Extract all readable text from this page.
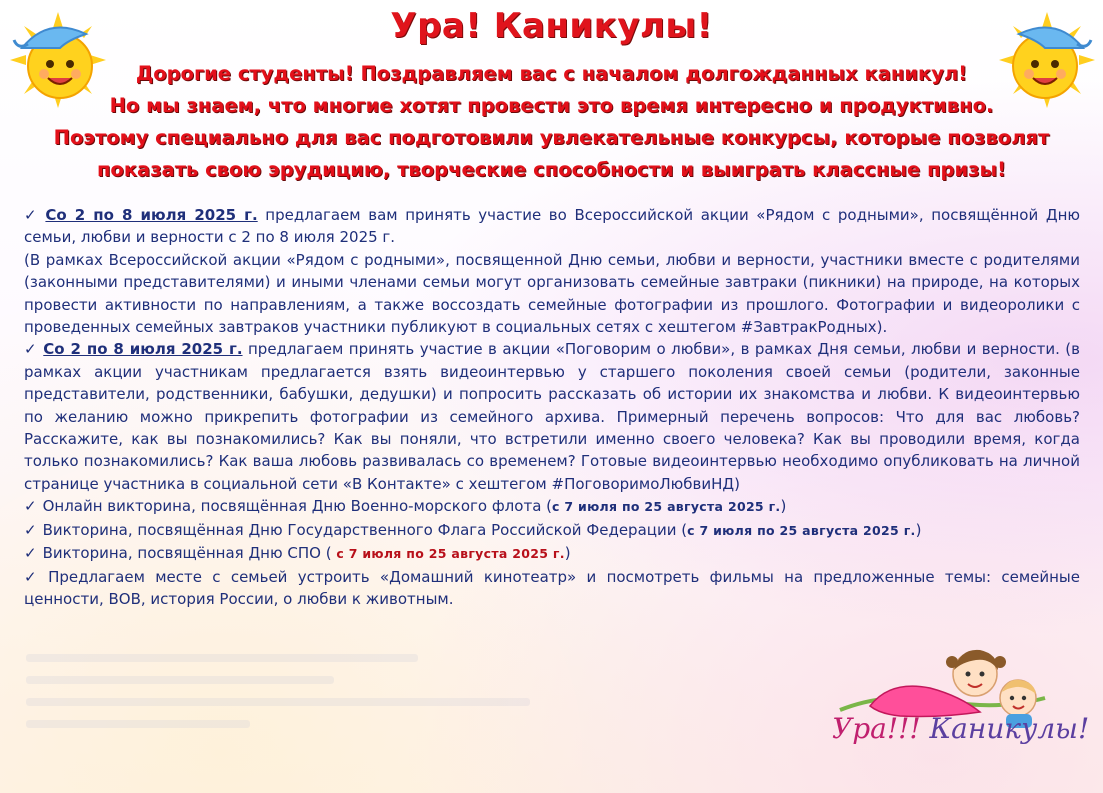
Ура! Каникулы!
Дорогие студенты! Поздравляем вас с началом долгожданных каникул!
Но мы знаем, что многие хотят провести это время интересно и продуктивно.
Поэтому специально для вас подготовили увлекательные конкурсы, которые позволят
показать свою эрудицию, творческие способности и выиграть классные призы!

✓ Со 2 по 8 июля 2025 г. предлагаем вам принять участие во Всероссийской акции «Рядом с родными», посвящённой Дню семьи, любви и верности с 2 по 8 июля 2025 г.

(В рамках Всероссийской акции «Рядом с родными», посвященной Дню семьи, любви и верности, участники вместе с родителями (законными представителями) и иными членами семьи могут организовать семейные завтраки (пикники) на природе, на которых провести активности по направлениям, а также воссоздать семейные фотографии из прошлого. Фотографии и видеоролики с проведенных семейных завтраков участники публикуют в социальных сетях с хештегом #ЗавтракРодных).

✓ Со 2 по 8 июля 2025 г. предлагаем принять участие в акции «Поговорим о любви», в рамках Дня семьи, любви и верности. (в рамках акции участникам предлагается взять видеоинтервью у старшего поколения своей семьи (родители, законные представители, родственники, бабушки, дедушки) и попросить рассказать об истории их знакомства и любви. К видеоинтервью по желанию можно прикрепить фотографии из семейного архива. Примерный перечень вопросов: Что для вас любовь? Расскажите, как вы познакомились? Как вы поняли, что встретили именно своего человека? Как вы проводили время, когда только познакомились? Как ваша любовь развивалась со временем? Готовые видеоинтервью необходимо опубликовать на личной странице участника в социальной сети «В Контакте» с хештегом #ПоговоримоЛюбвиНД)

✓ Онлайн викторина, посвящённая Дню Военно-морского флота (с 7 июля по 25 августа 2025 г.)

✓ Викторина, посвящённая Дню Государственного Флага Российской Федерации (с 7 июля по 25 августа 2025 г.)

✓ Викторина, посвящённая Дню СПО ( с 7 июля по 25 августа 2025 г.)

✓ Предлагаем месте с семьей устроить «Домашний кинотеатр» и посмотреть фильмы на предложенные темы: семейные ценности, ВОВ, история России, о любви к животным.

Ура!!! Каникулы!
